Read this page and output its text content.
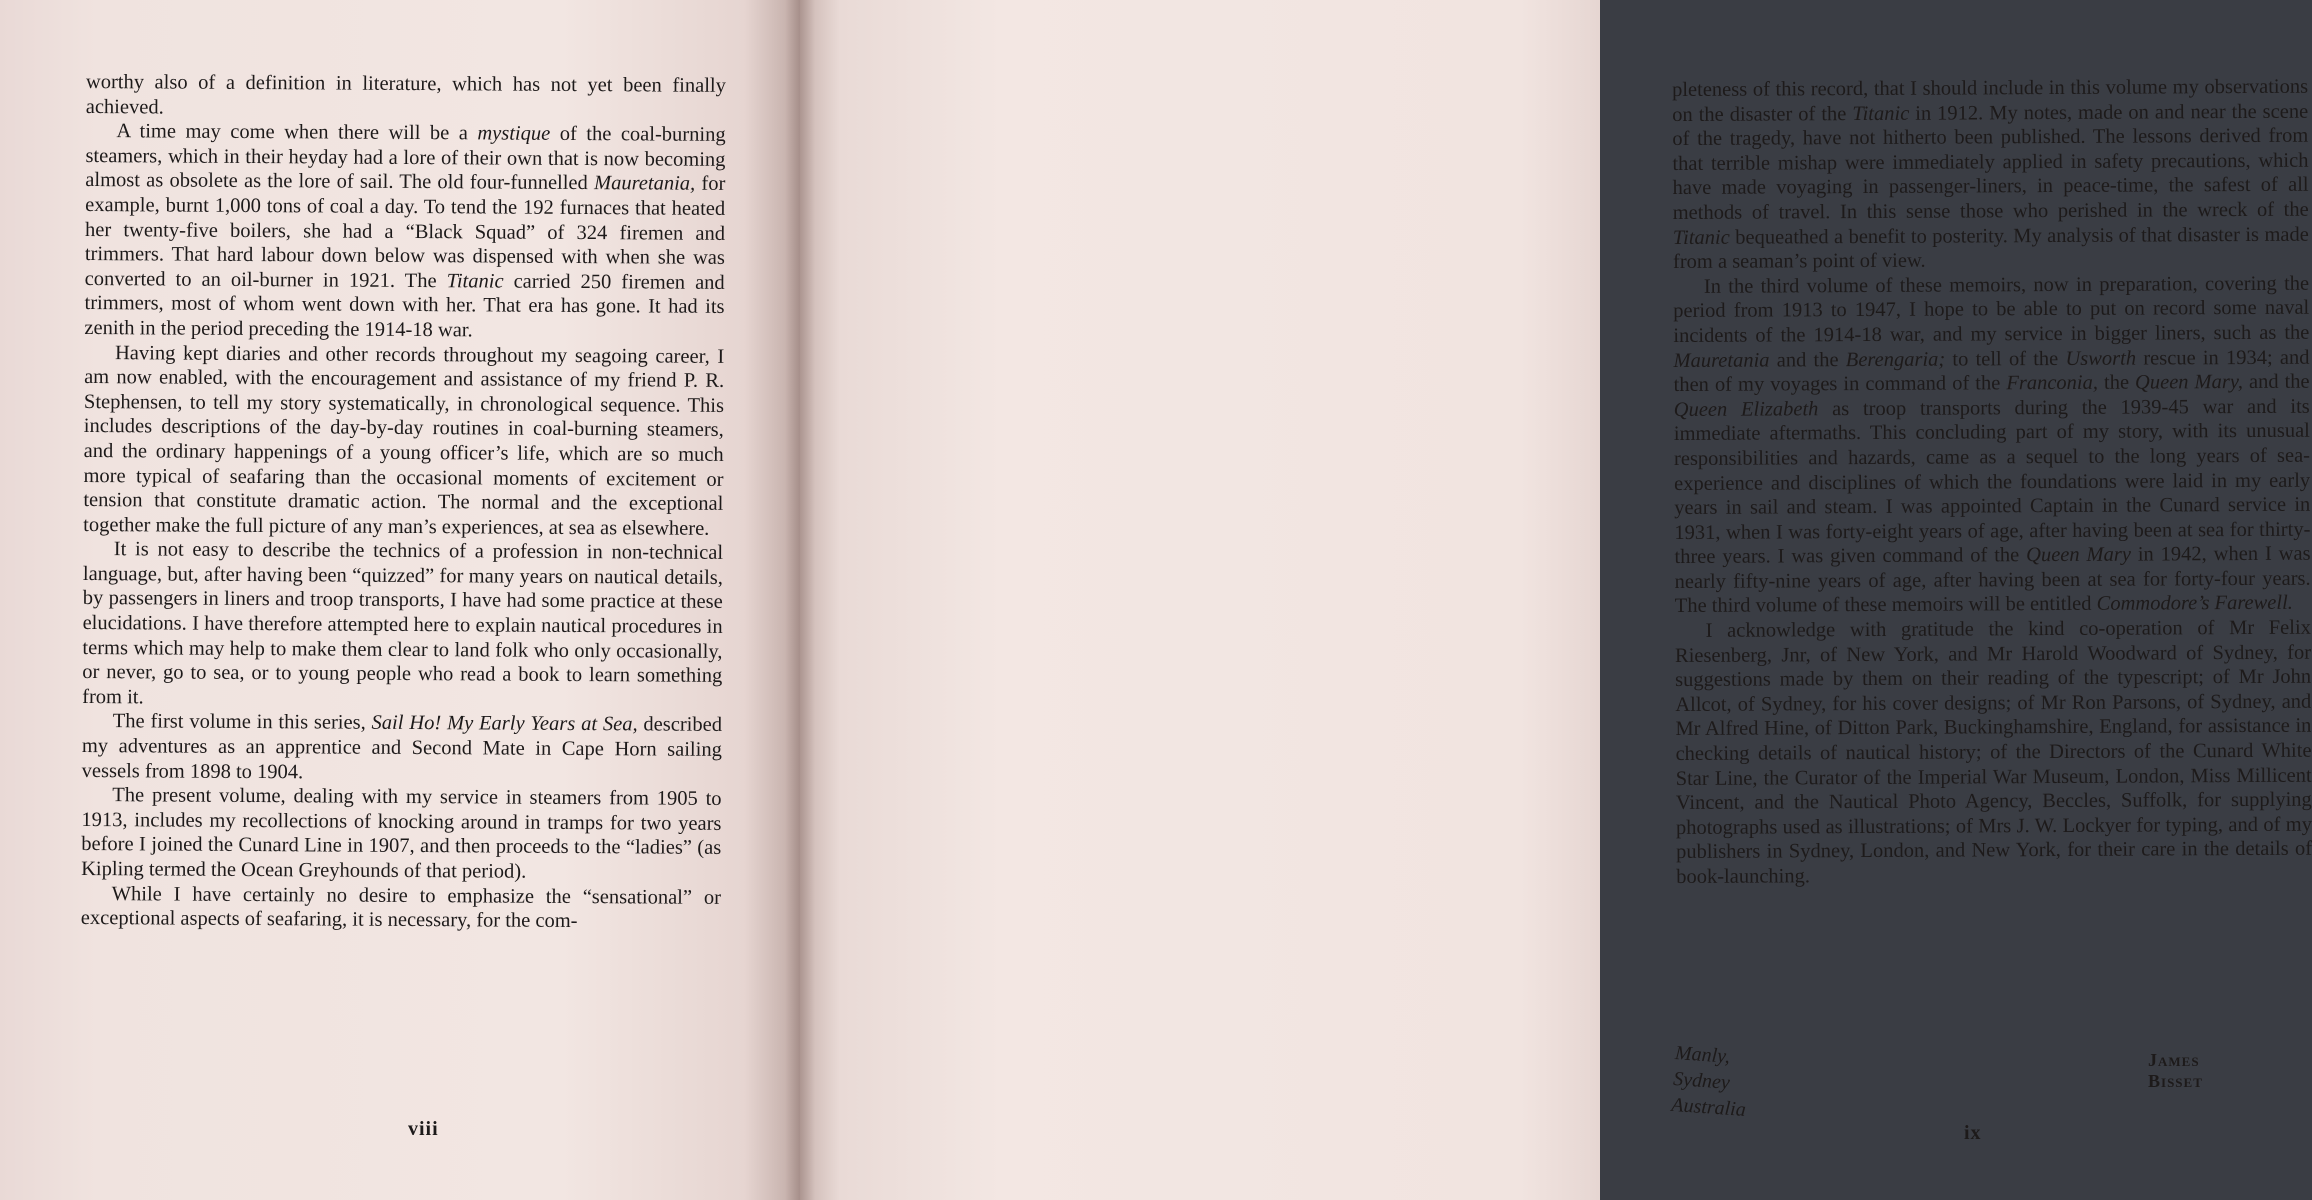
worthy also of a definition in literature, which has not yet been finally achieved.

A time may come when there will be a mystique of the coal-burning steamers, which in their heyday had a lore of their own that is now becoming almost as obsolete as the lore of sail. The old four-funnelled Mauretania, for example, burnt 1,000 tons of coal a day. To tend the 192 furnaces that heated her twenty-five boilers, she had a “Black Squad” of 324 firemen and trimmers. That hard labour down below was dispensed with when she was converted to an oil-burner in 1921. The Titanic carried 250 firemen and trimmers, most of whom went down with her. That era has gone. It had its zenith in the period preceding the 1914-18 war.

Having kept diaries and other records throughout my seagoing career, I am now enabled, with the encouragement and assistance of my friend P. R. Stephensen, to tell my story systematically, in chronological sequence. This includes descriptions of the day-by-day routines in coal-burning steamers, and the ordinary happenings of a young officer’s life, which are so much more typical of seafaring than the occasional moments of excitement or tension that constitute dramatic action. The normal and the exceptional together make the full picture of any man’s experiences, at sea as elsewhere.

It is not easy to describe the technics of a profession in non-technical language, but, after having been “quizzed” for many years on nautical details, by passengers in liners and troop transports, I have had some practice at these elucidations. I have therefore attempted here to explain nautical procedures in terms which may help to make them clear to land folk who only occasionally, or never, go to sea, or to young people who read a book to learn something from it.

The first volume in this series, Sail Ho! My Early Years at Sea, described my adventures as an apprentice and Second Mate in Cape Horn sailing vessels from 1898 to 1904.

The present volume, dealing with my service in steamers from 1905 to 1913, includes my recollections of knocking around in tramps for two years before I joined the Cunard Line in 1907, and then proceeds to the “ladies” (as Kipling termed the Ocean Greyhounds of that period).

While I have certainly no desire to emphasize the “sensational” or exceptional aspects of seafaring, it is necessary, for the com-

viii

pleteness of this record, that I should include in this volume my observations on the disaster of the Titanic in 1912. My notes, made on and near the scene of the tragedy, have not hitherto been published. The lessons derived from that terrible mishap were immediately applied in safety precautions, which have made voyaging in passenger-liners, in peace-time, the safest of all methods of travel. In this sense those who perished in the wreck of the Titanic bequeathed a benefit to posterity. My analysis of that disaster is made from a seaman’s point of view.

In the third volume of these memoirs, now in preparation, covering the period from 1913 to 1947, I hope to be able to put on record some naval incidents of the 1914-18 war, and my service in bigger liners, such as the Mauretania and the Berengaria; to tell of the Usworth rescue in 1934; and then of my voyages in command of the Franconia, the Queen Mary, and the Queen Elizabeth as troop transports during the 1939-45 war and its immediate aftermaths. This concluding part of my story, with its unusual responsibilities and hazards, came as a sequel to the long years of sea-experience and disciplines of which the foundations were laid in my early years in sail and steam. I was appointed Captain in the Cunard service in 1931, when I was forty-eight years of age, after having been at sea for thirty-three years. I was given command of the Queen Mary in 1942, when I was nearly fifty-nine years of age, after having been at sea for forty-four years. The third volume of these memoirs will be entitled Commodore’s Farewell.

I acknowledge with gratitude the kind co-operation of Mr Felix Riesenberg, Jnr, of New York, and Mr Harold Woodward of Sydney, for suggestions made by them on their reading of the typescript; of Mr John Allcot, of Sydney, for his cover designs; of Mr Ron Parsons, of Sydney, and Mr Alfred Hine, of Ditton Park, Buckinghamshire, England, for assistance in checking details of nautical history; of the Directors of the Cunard White Star Line, the Curator of the Imperial War Museum, London, Miss Millicent Vincent, and the Nautical Photo Agency, Beccles, Suffolk, for supplying photographs used as illustrations; of Mrs J. W. Lockyer for typing, and of my publishers in Sydney, London, and New York, for their care in the details of book-launching.

Manly, Sydney
Australia
James Bisset
ix
